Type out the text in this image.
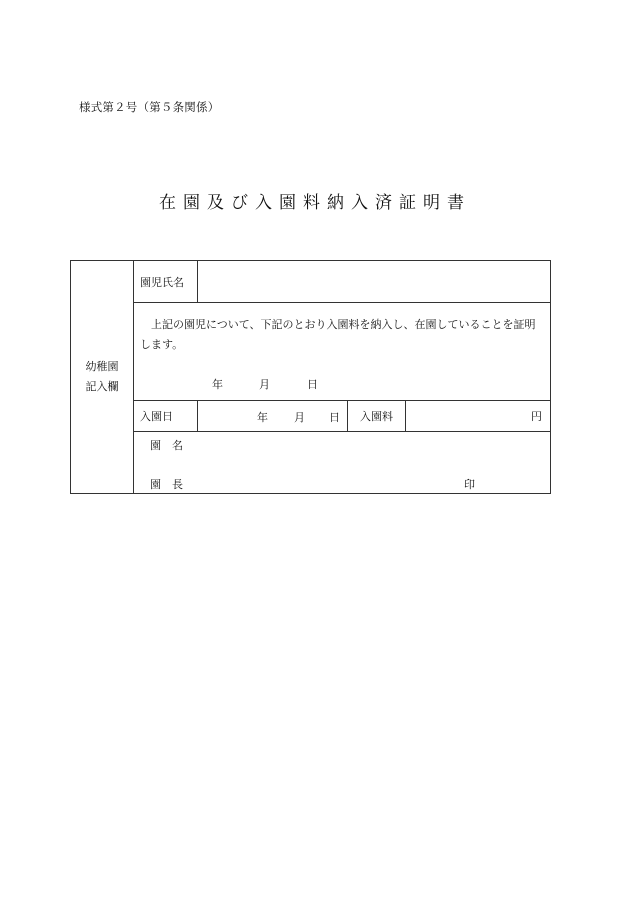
様式第２号（第５条関係）
在園及び入園料納入済証明書
幼稚園
記入欄	園児氏名			

	上記の園児について、下記のとおり入園料を納入し、在園していることを証明します。
年 月 日			

	入園日	年 月 日	入園料	円

	園　名
園　長 印			
